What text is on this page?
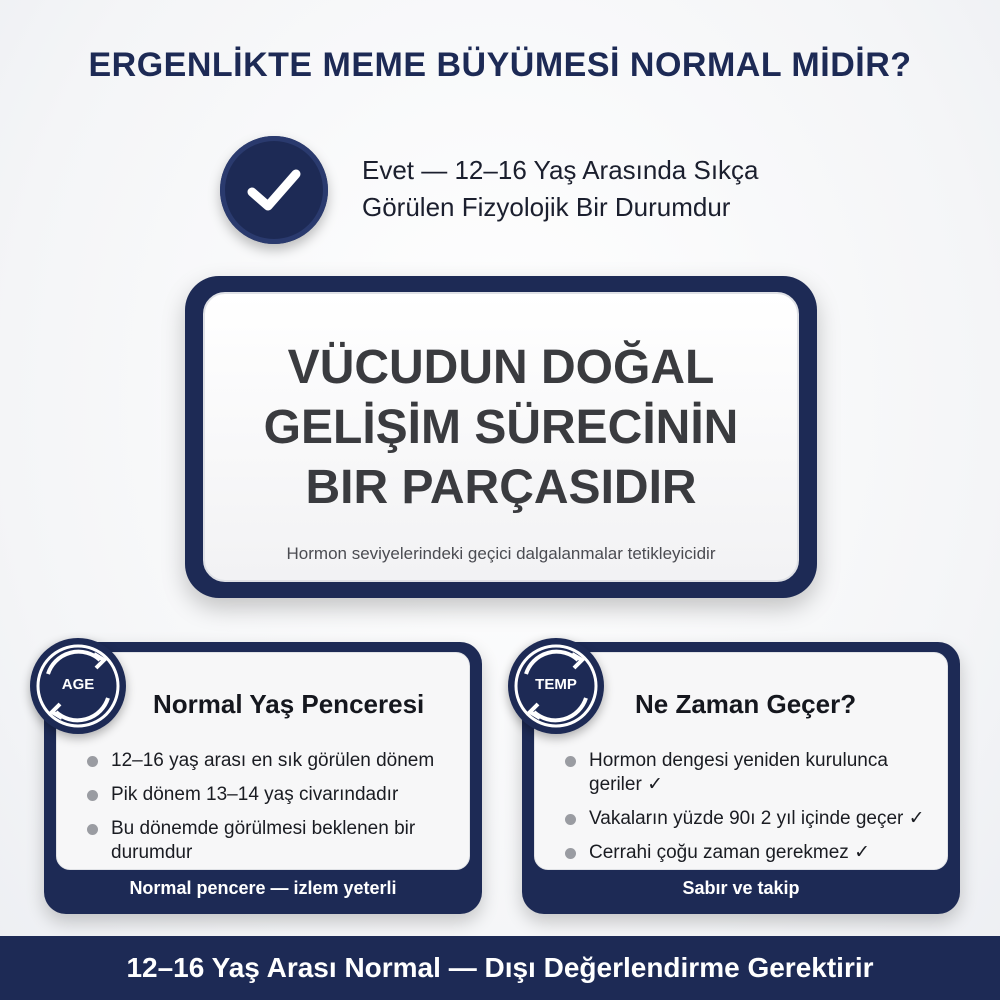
ERGENLİKTE MEME BÜYÜMESİ NORMAL MİDİR?
Evet — 12–16 Yaş Arasında Sıkça
Görülen Fizyolojik Bir Durumdur
VÜCUDUN DOĞAL
GELİŞİM SÜRECİNİN
BIR PARÇASIDIR
Hormon seviyelerindeki geçici dalgalanmalar tetikleyicidir
Normal Yaş Penceresi
12–16 yaş arası en sık görülen dönem
Pik dönem 13–14 yaş civarındadır
Bu dönemde görülmesi beklenen bir durumdur
AGE
Normal pencere — izlem yeterli
Ne Zaman Geçer?
Hormon dengesi yeniden kurulunca geriler ✓
Vakaların yüzde 90ı 2 yıl içinde geçer ✓
Cerrahi çoğu zaman gerekmez ✓
TEMP
Sabır ve takip
12–16 Yaş Arası Normal — Dışı Değerlendirme Gerektirir
